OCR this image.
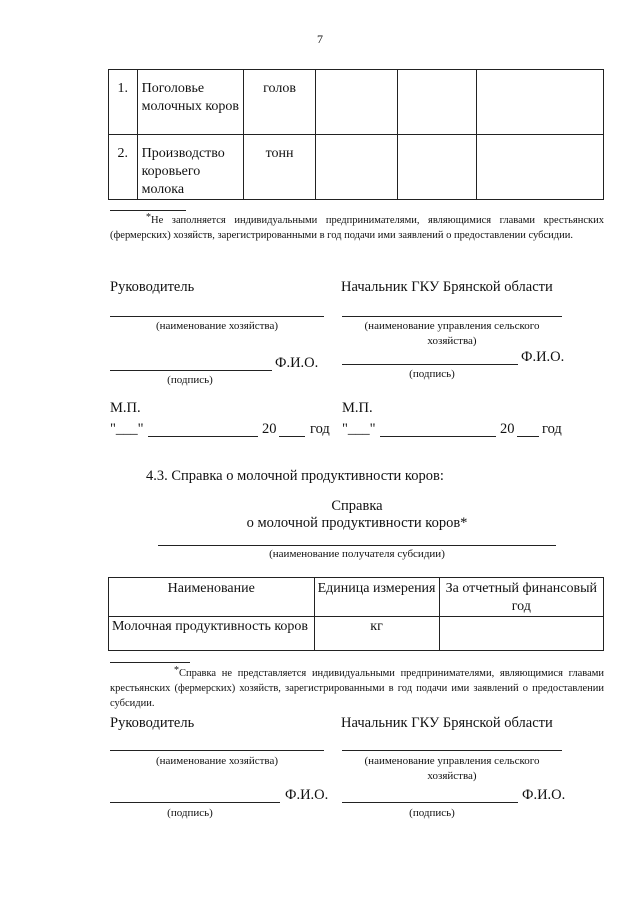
7
1.	Поголовье молочных коров	голов			
2.	Производство коровьего молока	тонн			
*Не заполняется индивидуальными предпринимателями, являющимися главами крестьянских (фермерских) хозяйств, зарегистрированными в год подачи ими заявлений о предоставлении субсидии.
Руководитель	Начальник ГКУ Брянской области
(наименование хозяйства)	(наименование управления сельского хозяйства)
Ф.И.О.	Ф.И.О.
(подпись)	(подпись)
М.П.	М.П.
"___"	20 год "___"	20 год
4.3. Справка о молочной продуктивности коров:
Справка
о молочной продуктивности коров*
(наименование получателя субсидии)
Наименование	Единица измерения	За отчетный финансовый год
Молочная продуктивность коров	кг	
*Справка не представляется индивидуальными предпринимателями, являющимися главами крестьянских (фермерских) хозяйств, зарегистрированными в год подачи ими заявлений о предоставлении субсидии.
Руководитель	Начальник ГКУ Брянской области
(наименование хозяйства)	(наименование управления сельского хозяйства)
Ф.И.О.	Ф.И.О.
(подпись)	(подпись)
